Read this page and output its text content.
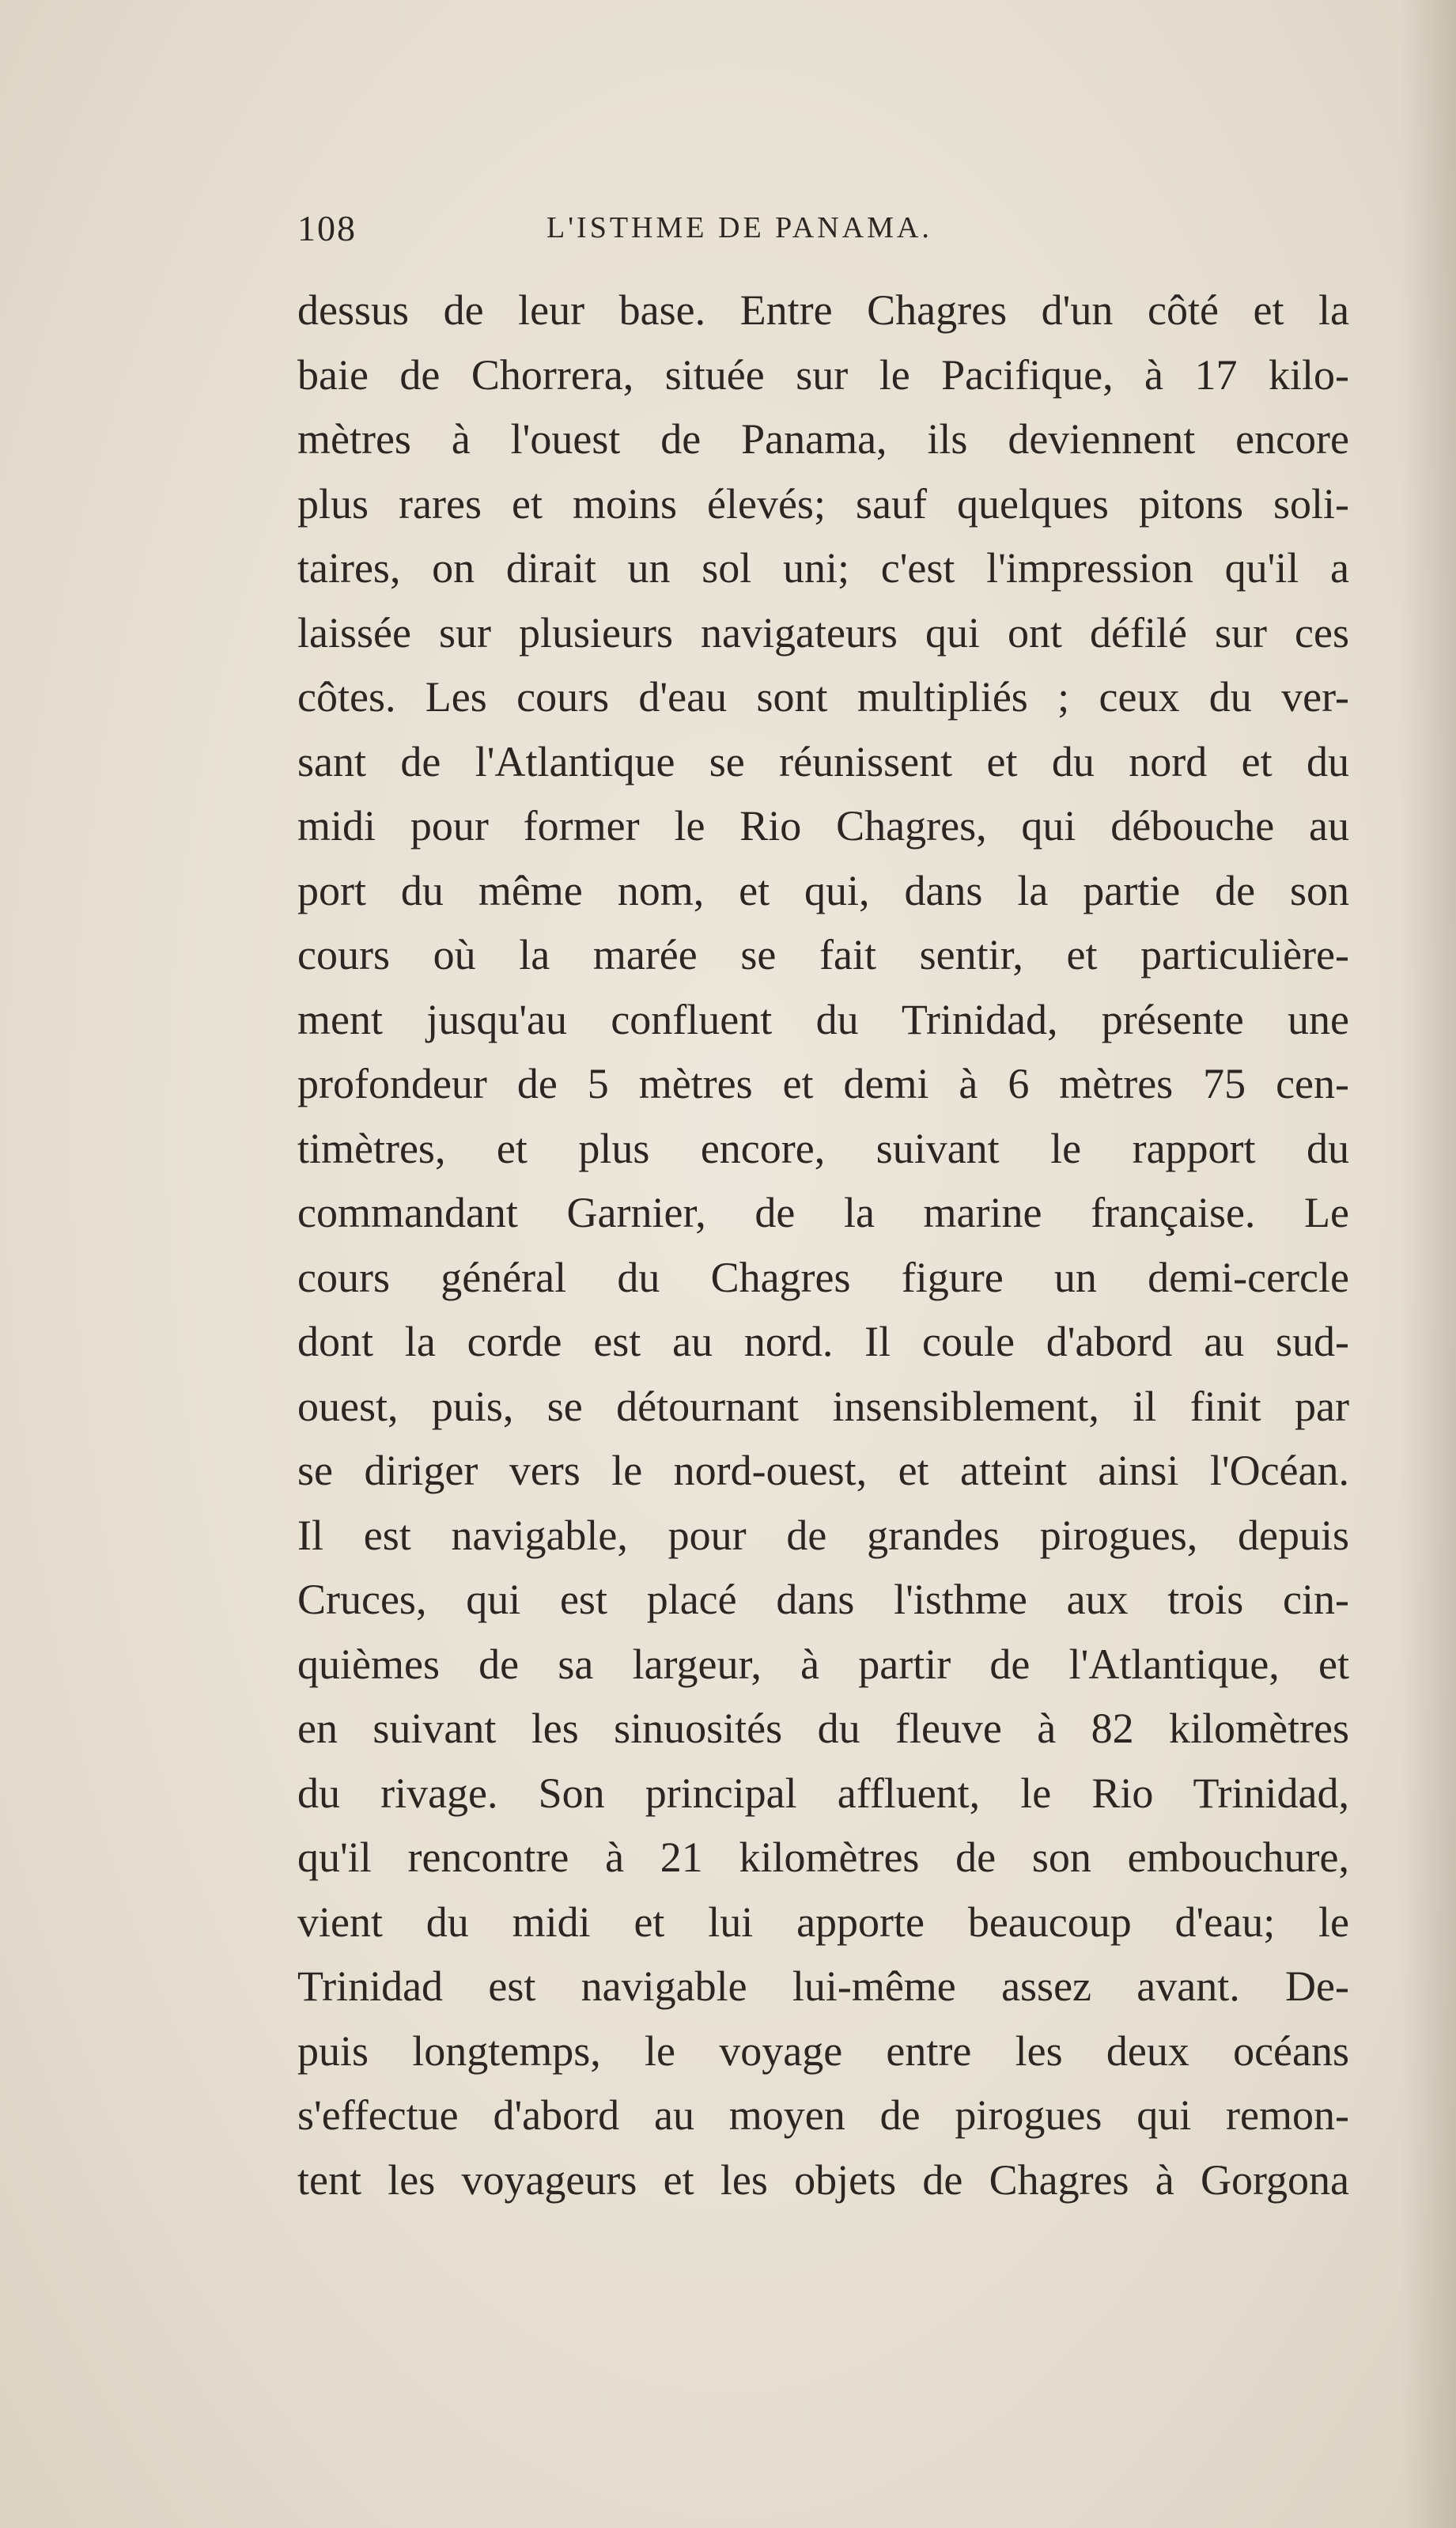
108	L'ISTHME DE PANAMA.
dessus de leur base. Entre Chagres d'un côté et la
baie de Chorrera, située sur le Pacifique, à 17 kilo-
mètres à l'ouest de Panama, ils deviennent encore
plus rares et moins élevés; sauf quelques pitons soli-
taires, on dirait un sol uni; c'est l'impression qu'il a
laissée sur plusieurs navigateurs qui ont défilé sur ces
côtes. Les cours d'eau sont multipliés ; ceux du ver-
sant de l'Atlantique se réunissent et du nord et du
midi pour former le Rio Chagres, qui débouche au
port du même nom, et qui, dans la partie de son
cours où la marée se fait sentir, et particulière-
ment jusqu'au confluent du Trinidad, présente une
profondeur de 5 mètres et demi à 6 mètres 75 cen-
timètres, et plus encore, suivant le rapport du
commandant Garnier, de la marine française. Le
cours général du Chagres figure un demi-cercle
dont la corde est au nord. Il coule d'abord au sud-
ouest, puis, se détournant insensiblement, il finit par
se diriger vers le nord-ouest, et atteint ainsi l'Océan.
Il est navigable, pour de grandes pirogues, depuis
Cruces, qui est placé dans l'isthme aux trois cin-
quièmes de sa largeur, à partir de l'Atlantique, et
en suivant les sinuosités du fleuve à 82 kilomètres
du rivage. Son principal affluent, le Rio Trinidad,
qu'il rencontre à 21 kilomètres de son embouchure,
vient du midi et lui apporte beaucoup d'eau; le
Trinidad est navigable lui-même assez avant. De-
puis longtemps, le voyage entre les deux océans
s'effectue d'abord au moyen de pirogues qui remon-
tent les voyageurs et les objets de Chagres à Gorgona
